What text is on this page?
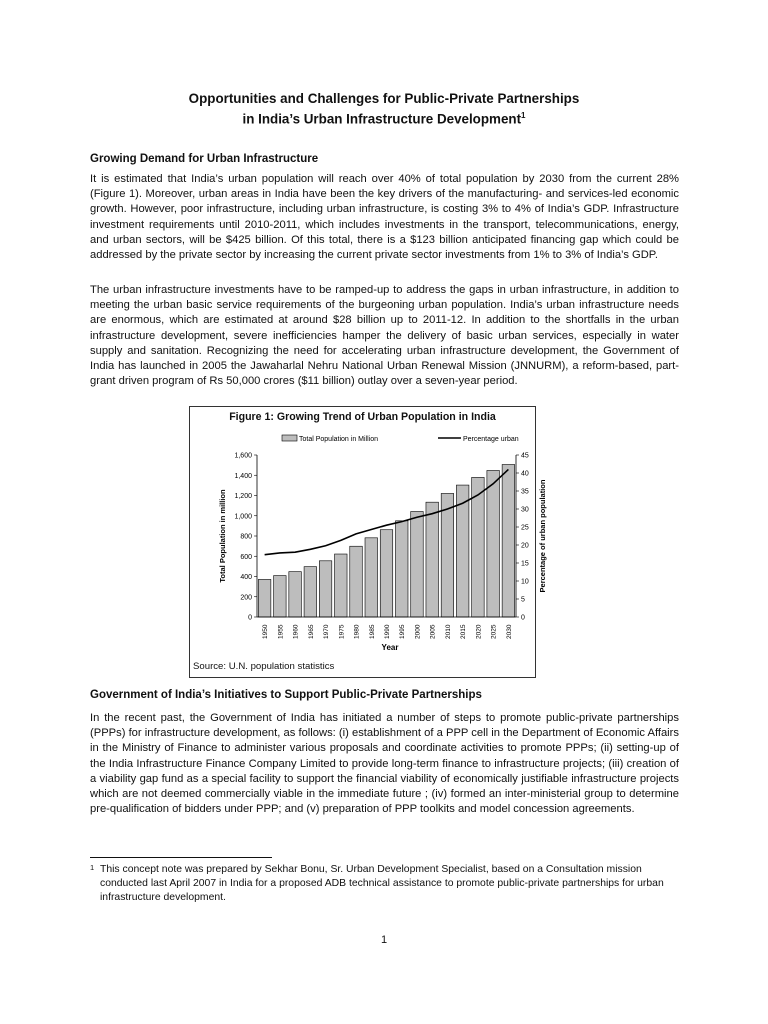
Opportunities and Challenges for Public-Private Partnerships
in India’s Urban Infrastructure Development$^1$
Growing Demand for Urban Infrastructure

It is estimated that India’s urban population will reach over 40% of total population by 2030 from the current 28% (Figure 1). Moreover, urban areas in India have been the key drivers of the manufacturing- and services-led economic growth. However, poor infrastructure, including urban infrastructure, is costing 3% to 4% of India’s GDP. Infrastructure investment requirements until 2010-2011, which includes investments in the transport, telecommunications, energy, and urban sectors, will be $425 billion. Of this total, there is a $123 billion anticipated financing gap which could be addressed by the private sector by increasing the current private sector investments from 1% to 3% of India’s GDP.

The urban infrastructure investments have to be ramped-up to address the gaps in urban infrastructure, in addition to meeting the urban basic service requirements of the burgeoning urban population. India’s urban infrastructure needs are enormous, which are estimated at around $28 billion up to 2011-12. In addition to the shortfalls in the urban infrastructure development, severe inefficiencies hamper the delivery of basic urban services, especially in water supply and sanitation. Recognizing the need for accelerating urban infrastructure development, the Government of India has launched in 2005 the Jawaharlal Nehru National Urban Renewal Mission (JNNURM), a reform-based, part-grant driven program of Rs 50,000 crores ($11 billion) outlay over a seven-year period.

Figure 1: Growing Trend of Urban Population in India
Total Population in Million	Percentage urban
0
200
400
600
800
1,000
1,200
1,400
1,600
0
5
10
15
20
25
30
35
40
45
1950 1955 1960 1965 1970 1975 1980 1985 1990 1995 2000 2005 2010 2015 2020 2025 2030
Year
Total Population in million	Percentage of urban population
Source: U.N. population statistics
Government of India’s Initiatives to Support Public-Private Partnerships

In the recent past, the Government of India has initiated a number of steps to promote public-private partnerships (PPPs) for infrastructure development, as follows: (i) establishment of a PPP cell in the Department of Economic Affairs in the Ministry of Finance to administer various proposals and coordinate activities to promote PPPs; (ii) setting-up of the India Infrastructure Finance Company Limited to provide long-term finance to infrastructure projects; (iii) creation of a viability gap fund as a special facility to support the financial viability of economically justifiable infrastructure projects which are not deemed commercially viable in the immediate future ; (iv) formed an inter-ministerial group to determine pre-qualification of bidders under PPP; and (v) preparation of PPP toolkits and model concession agreements.

1 This concept note was prepared by Sekhar Bonu, Sr. Urban Development Specialist, based on a Consultation mission conducted last April 2007 in India for a proposed ADB technical assistance to promote public-private partnerships for urban infrastructure development.
1
